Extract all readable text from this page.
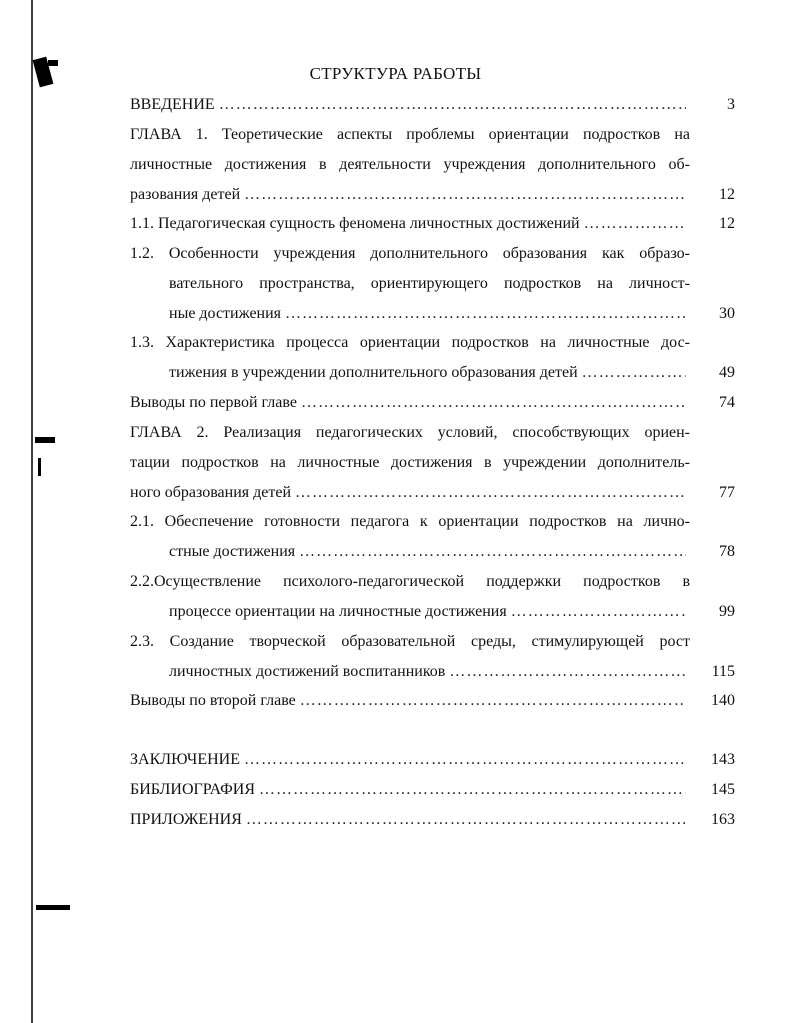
СТРУКТУРА РАБОТЫ
ВВЕДЕНИЕ ………………………………………………………………………………………………………………………………………………	3
ГЛАВА 1. Теоретические аспекты проблемы ориентации подростков на
личностные достижения в деятельности учреждения дополнительного об-
разования детей ………………………………………………………………………………………………………………………………………………	12
1.1. Педагогическая сущность феномена личностных достижений ………………………………………………………………………………………………………………………………………………	12
1.2. Особенности учреждения дополнительного образования как образо-
вательного пространства, ориентирующего подростков на личност-
ные достижения ………………………………………………………………………………………………………………………………………………	30
1.3. Характеристика процесса ориентации подростков на личностные дос-
тижения в учреждении дополнительного образования детей ………………………………………………………………………………………………………………………………………………	49
Выводы по первой главе ………………………………………………………………………………………………………………………………………………	74
ГЛАВА 2. Реализация педагогических условий, способствующих ориен-
тации подростков на личностные достижения в учреждении дополнитель-
ного образования детей ………………………………………………………………………………………………………………………………………………	77
2.1. Обеспечение готовности педагога к ориентации подростков на лично-
стные достижения ………………………………………………………………………………………………………………………………………………	78
2.2.Осуществление психолого-педагогической поддержки подростков в
процессе ориентации на личностные достижения ………………………………………………………………………………………………………………………………………………	99
2.3. Создание творческой образовательной среды, стимулирующей рост
личностных достижений воспитанников ………………………………………………………………………………………………………………………………………………	115
Выводы по второй главе ………………………………………………………………………………………………………………………………………………	140
ЗАКЛЮЧЕНИЕ ………………………………………………………………………………………………………………………………………………	143
БИБЛИОГРАФИЯ ………………………………………………………………………………………………………………………………………………	145
ПРИЛОЖЕНИЯ ………………………………………………………………………………………………………………………………………………	163
